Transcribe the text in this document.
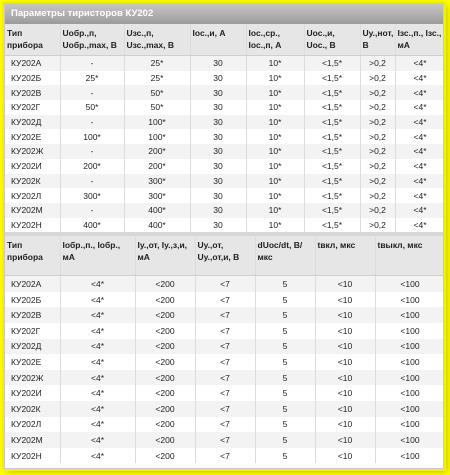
Параметры тиристоров КУ202
Тип прибора	Uобр.,п, Uобр.,max, В	Uзс.,п, Uзс.,max, В	Iос.,и, А	Iос.,ср., Iос.,п, А	Uос.,и, Uос., В	Uу.,нот, В	Iзс.,п., Iзс., мА
КУ202А	-	25*	30	10*	<1,5*	>0,2	<4*
КУ202Б	25*	25*	30	10*	<1,5*	>0,2	<4*
КУ202В	-	50*	30	10*	<1,5*	>0,2	<4*
КУ202Г	50*	50*	30	10*	<1,5*	>0,2	<4*
КУ202Д	-	100*	30	10*	<1,5*	>0,2	<4*
КУ202Е	100*	100*	30	10*	<1,5*	>0,2	<4*
КУ202Ж	-	200*	30	10*	<1,5*	>0,2	<4*
КУ202И	200*	200*	30	10*	<1,5*	>0,2	<4*
КУ202К	-	300*	30	10*	<1,5*	>0,2	<4*
КУ202Л	300*	300*	30	10*	<1,5*	>0,2	<4*
КУ202М	-	400*	30	10*	<1,5*	>0,2	<4*
КУ202Н	400*	400*	30	10*	<1,5*	>0,2	<4*
Тип прибора	Iобр.,п., Iобр., мА	Iу.,от, Iу.,з,и, мА	Uу.,от, Uу.,от,и, В	dUос/dt, В/мкс	tвкл, мкс	tвыкл, мкс
КУ202А	<4*	<200	<7	5	<10	<100
КУ202Б	<4*	<200	<7	5	<10	<100
КУ202В	<4*	<200	<7	5	<10	<100
КУ202Г	<4*	<200	<7	5	<10	<100
КУ202Д	<4*	<200	<7	5	<10	<100
КУ202Е	<4*	<200	<7	5	<10	<100
КУ202Ж	<4*	<200	<7	5	<10	<100
КУ202И	<4*	<200	<7	5	<10	<100
КУ202К	<4*	<200	<7	5	<10	<100
КУ202Л	<4*	<200	<7	5	<10	<100
КУ202М	<4*	<200	<7	5	<10	<100
КУ202Н	<4*	<200	<7	5	<10	<100
